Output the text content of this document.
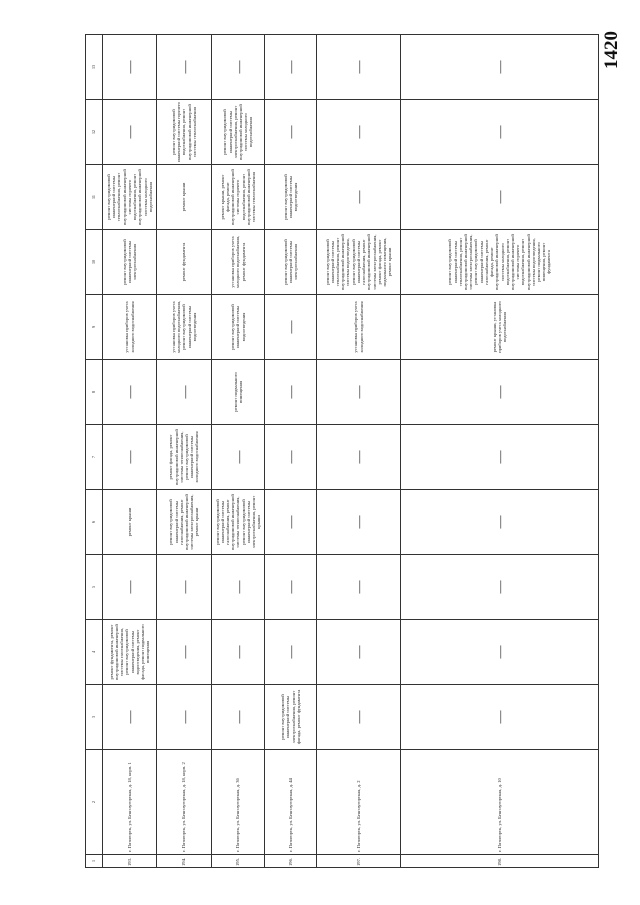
1420
1	2	3	4	5	6	7	8	9	10	11	12	13
193.	г. Пятигорск, ул. Бештаугорская, д. 18, корп. 1	—	ремонт фундамента, ремонт внутридомовой инженерной системы газоснабжения, ремонт внутридомовой инженерной системы водоотведения, ремонт фасада, ремонт подвального помещения	—	ремонт крыши	—	—	установка приборов учета холодного водоснабжения	ремонт внутридомовой инженерной системы электроснабжения	ремонт внутридомовой инженерной системы теплоснабжения, ремонт внутридомовой инженерной системы горячего водоснабжения, ремонт внутридомовой инженерной системы холодного водоснабжения	—	—
194.	г. Пятигорск, ул. Бештаугорская, д. 18, корп. 2	—	—	—	ремонт внутридомовой инженерной системы газоснабжения, ремонт внутридомовой инженерной системы электроснабжения, ремонт крыши	ремонт фасада, ремонт внутридомовой инженерной системы теплоснабжения, ремонт внутридомовой инженерной системы холодного водоснабжения	—	установка приборов учета холодного водоснабжения, ремонт внутридомовой инженерной системы водоотведения	ремонт фундамента	ремонт крыши	ремонт внутридомовой инженерной системы горячего водоснабжения, ремонт внутридомовой инженерной системы теплоснабжения	—
195.	г. Пятигорск, ул. Бештаугорская, д. 36	—	—	—	ремонт внутридомовой инженерной системы газоснабжения, ремонт внутридомовой инженерной системы теплоснабжения, ремонт внутридомовой инженерной системы электроснабжения, ремонт крыши	—	ремонт подвального помещения	ремонт внутридомовой инженерной системы водоотведения	установка приборов учета холодного водоснабжения, ремонт фундамента	ремонт крыши, ремонт фасада, ремонт внутридомовой инженерной системы горячего водоснабжения, ремонт внутридомовой инженерной системы теплоснабжения	ремонт внутридомовой инженерной системы электроснабжения, ремонт внутридомовой инженерной системы холодного водоснабжения	—
196.	г. Пятигорск, ул. Бештаугорская, д. 44	ремонт внутридомовой инженерной системы электроснабжения, ремонт фасада, ремонт фундамента	—	—	—	—	—	—	ремонт внутридомовой инженерной системы электроснабжения	ремонт внутридомовой инженерной системы водоотведения	—	—
197.	г. Пятигорск, ул. Бештаугорская, д. 2	—	—	—	—	—	—	установка приборов учета холодного водоснабжения	ремонт внутридомовой инженерной системы теплоснабжения, ремонт внутридомовой инженерной системы водоотведения, ремонт внутридомовой инженерной системы газоснабжения, ремонт внутридомовой инженерной системы электроснабжения, ремонт фасада, ремонт подвального помещения, ремонт крыши	—	—	—
198.	г. Пятигорск, ул. Бештаугорская, д. 10	—	—	—	—	—	—	ремонт крыши, установка приборов учета холодного водоснабжения	ремонт внутридомовой инженерной системы теплоснабжения, ремонт внутридомовой инженерной системы электроснабжения, ремонт внутридомовой инженерной системы газоснабжения, ремонт фасада, ремонт внутридомовой инженерной системы холодного водоснабжения, ремонт внутридомовой инженерной системы горячего водоснабжения, ремонт внутридомовой инженерной системы водоотведения, ремонт подвального помещения, ремонт фундамента	—	—	—
